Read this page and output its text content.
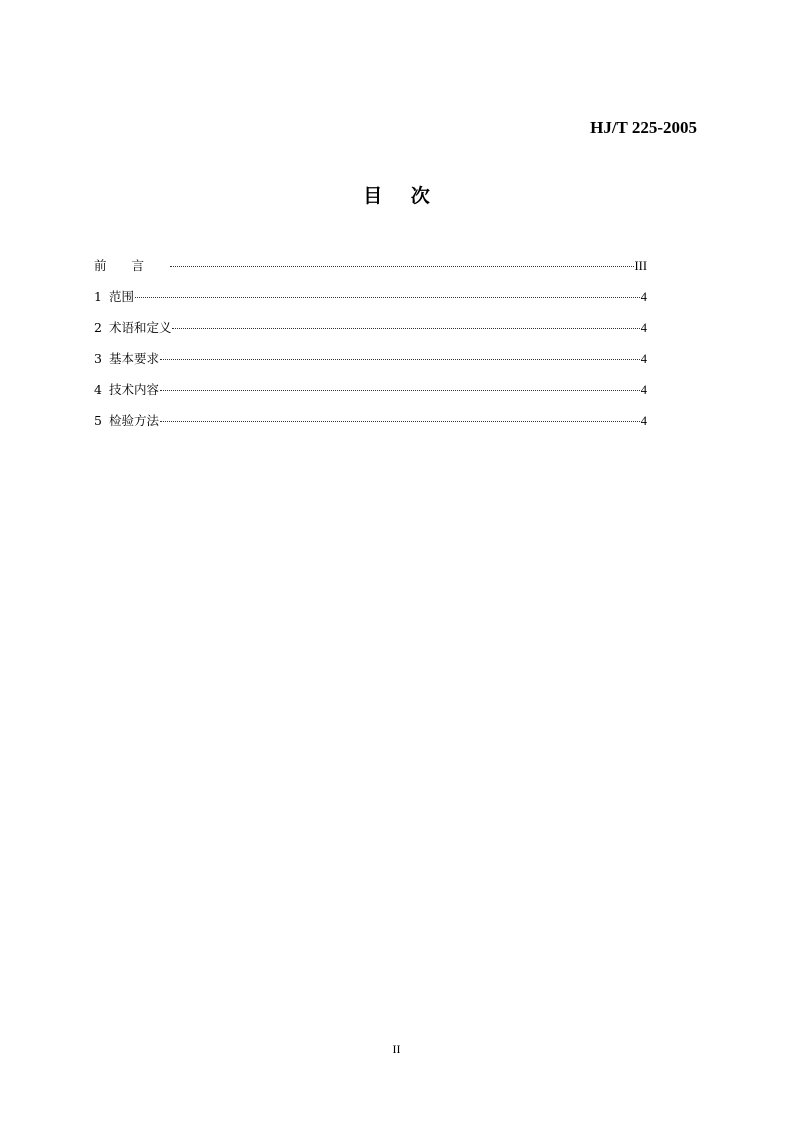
HJ/T 225-2005
目次
前言	III
1 范围	4
2 术语和定义	4
3 基本要求	4
4 技术内容	4
5 检验方法	4
II
